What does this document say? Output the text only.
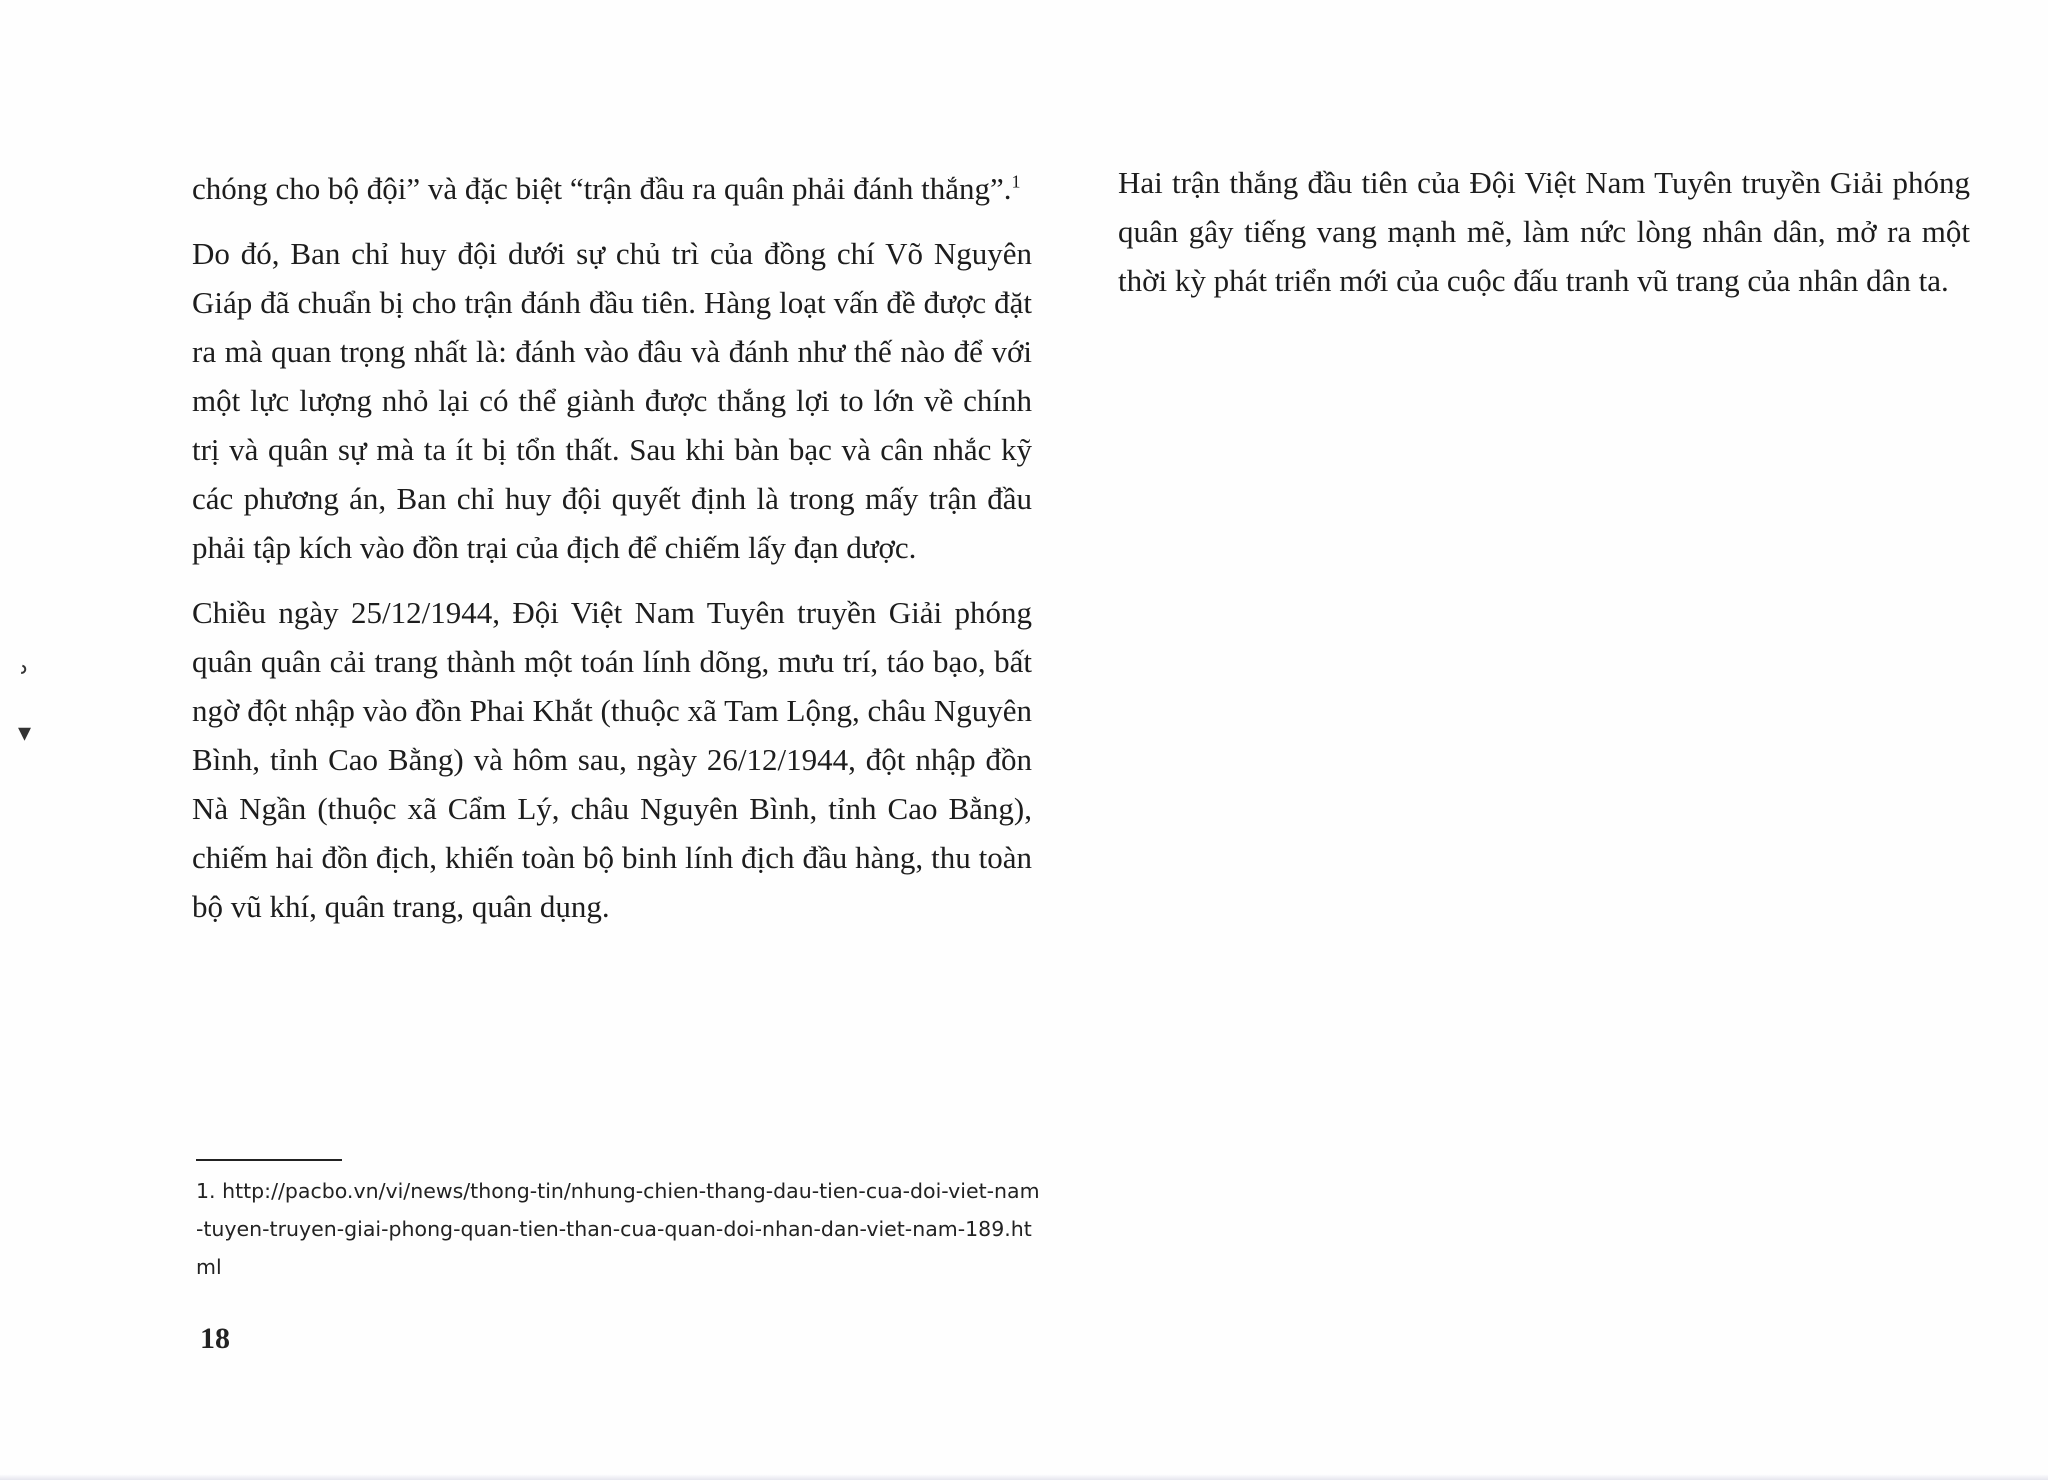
ʾ
▾

chóng cho bộ đội” và đặc biệt “trận đầu ra quân phải đánh thắng”.$^1$

Do đó, Ban chỉ huy đội dưới sự chủ trì của đồng chí Võ Nguyên Giáp đã chuẩn bị cho trận đánh đầu tiên. Hàng loạt vấn đề được đặt ra mà quan trọng nhất là: đánh vào đâu và đánh như thế nào để với một lực lượng nhỏ lại có thể giành được thắng lợi to lớn về chính trị và quân sự mà ta ít bị tổn thất. Sau khi bàn bạc và cân nhắc kỹ các phương án, Ban chỉ huy đội quyết định là trong mấy trận đầu phải tập kích vào đồn trại của địch để chiếm lấy đạn dược.

Chiều ngày 25/12/1944, Đội Việt Nam Tuyên truyền Giải phóng quân quân cải trang thành một toán lính dõng, mưu trí, táo bạo, bất ngờ đột nhập vào đồn Phai Khắt (thuộc xã Tam Lộng, châu Nguyên Bình, tỉnh Cao Bằng) và hôm sau, ngày 26/12/1944, đột nhập đồn Nà Ngần (thuộc xã Cẩm Lý, châu Nguyên Bình, tỉnh Cao Bằng), chiếm hai đồn địch, khiến toàn bộ binh lính địch đầu hàng, thu toàn bộ vũ khí, quân trang, quân dụng.

Hai trận thắng đầu tiên của Đội Việt Nam Tuyên truyền Giải phóng quân gây tiếng vang mạnh mẽ, làm nức lòng nhân dân, mở ra một thời kỳ phát triển mới của cuộc đấu tranh vũ trang của nhân dân ta.

1. http://pacbo.vn/vi/news/thong-tin/nhung-chien-thang-dau-tien-cua-doi-viet-nam-tuyen-truyen-giai-phong-quan-tien-than-cua-quan-doi-nhan-dan-viet-nam-189.html
18
